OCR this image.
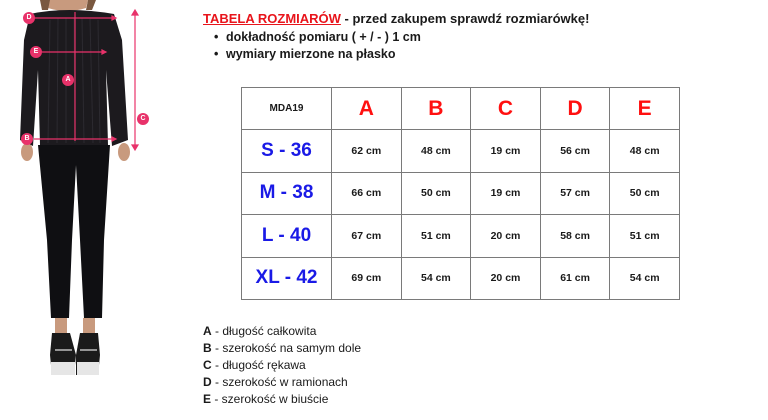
D
E
A
C
B
TABELA ROZMIARÓW - przed zakupem sprawdź rozmiarówkę!
• dokładność pomiaru ( + / - ) 1 cm
• wymiary mierzone na płasko
MDA19	A	B	C	D	E
S - 36	62 cm	48 cm	19 cm	56 cm	48 cm
M - 38	66 cm	50 cm	19 cm	57 cm	50 cm
L - 40	67 cm	51 cm	20 cm	58 cm	51 cm
XL - 42	69 cm	54 cm	20 cm	61 cm	54 cm
A - długość całkowita
B - szerokość na samym dole
C - długość rękawa
D - szerokość w ramionach
E - szerokość w biuście
